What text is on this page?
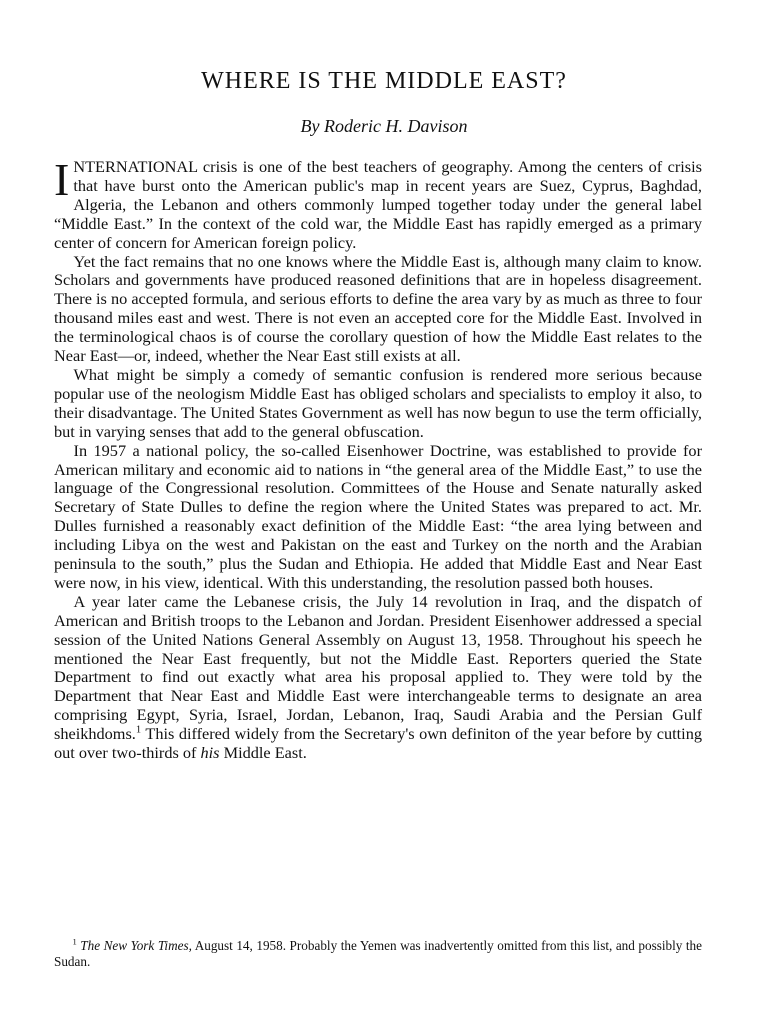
WHERE IS THE MIDDLE EAST?
By Roderic H. Davison

INTERNATIONAL crisis is one of the best teachers of geography. Among the centers of crisis that have burst onto the American public's map in recent years are Suez, Cyprus, Baghdad, Algeria, the Lebanon and others commonly lumped together today under the general label “Middle East.” In the context of the cold war, the Middle East has rapidly emerged as a primary center of concern for American foreign policy.

Yet the fact remains that no one knows where the Middle East is, although many claim to know. Scholars and governments have produced reasoned definitions that are in hopeless disagreement. There is no accepted formula, and serious efforts to define the area vary by as much as three to four thousand miles east and west. There is not even an accepted core for the Middle East. Involved in the terminological chaos is of course the corollary question of how the Middle East relates to the Near East—or, indeed, whether the Near East still exists at all.

What might be simply a comedy of semantic confusion is rendered more serious because popular use of the neologism Middle East has obliged scholars and specialists to employ it also, to their disadvantage. The United States Government as well has now begun to use the term officially, but in varying senses that add to the general obfuscation.

In 1957 a national policy, the so-called Eisenhower Doctrine, was established to provide for American military and economic aid to nations in “the general area of the Middle East,” to use the language of the Congressional resolution. Committees of the House and Senate naturally asked Secretary of State Dulles to define the region where the United States was prepared to act. Mr. Dulles furnished a reasonably exact definition of the Middle East: “the area lying between and including Libya on the west and Pakistan on the east and Turkey on the north and the Arabian peninsula to the south,” plus the Sudan and Ethiopia. He added that Middle East and Near East were now, in his view, identical. With this understanding, the resolution passed both houses.

A year later came the Lebanese crisis, the July 14 revolution in Iraq, and the dispatch of American and British troops to the Lebanon and Jordan. President Eisenhower addressed a special session of the United Nations General Assembly on August 13, 1958. Throughout his speech he mentioned the Near East frequently, but not the Middle East. Reporters queried the State Department to find out exactly what area his proposal applied to. They were told by the Department that Near East and Middle East were interchangeable terms to designate an area comprising Egypt, Syria, Israel, Jordan, Lebanon, Iraq, Saudi Arabia and the Persian Gulf sheikhdoms.$^1$ This differed widely from the Secretary's own definiton of the year before by cutting out over two-thirds of his Middle East.

$^1$ The New York Times, August 14, 1958. Probably the Yemen was inadvertently omitted from this list, and possibly the Sudan.
